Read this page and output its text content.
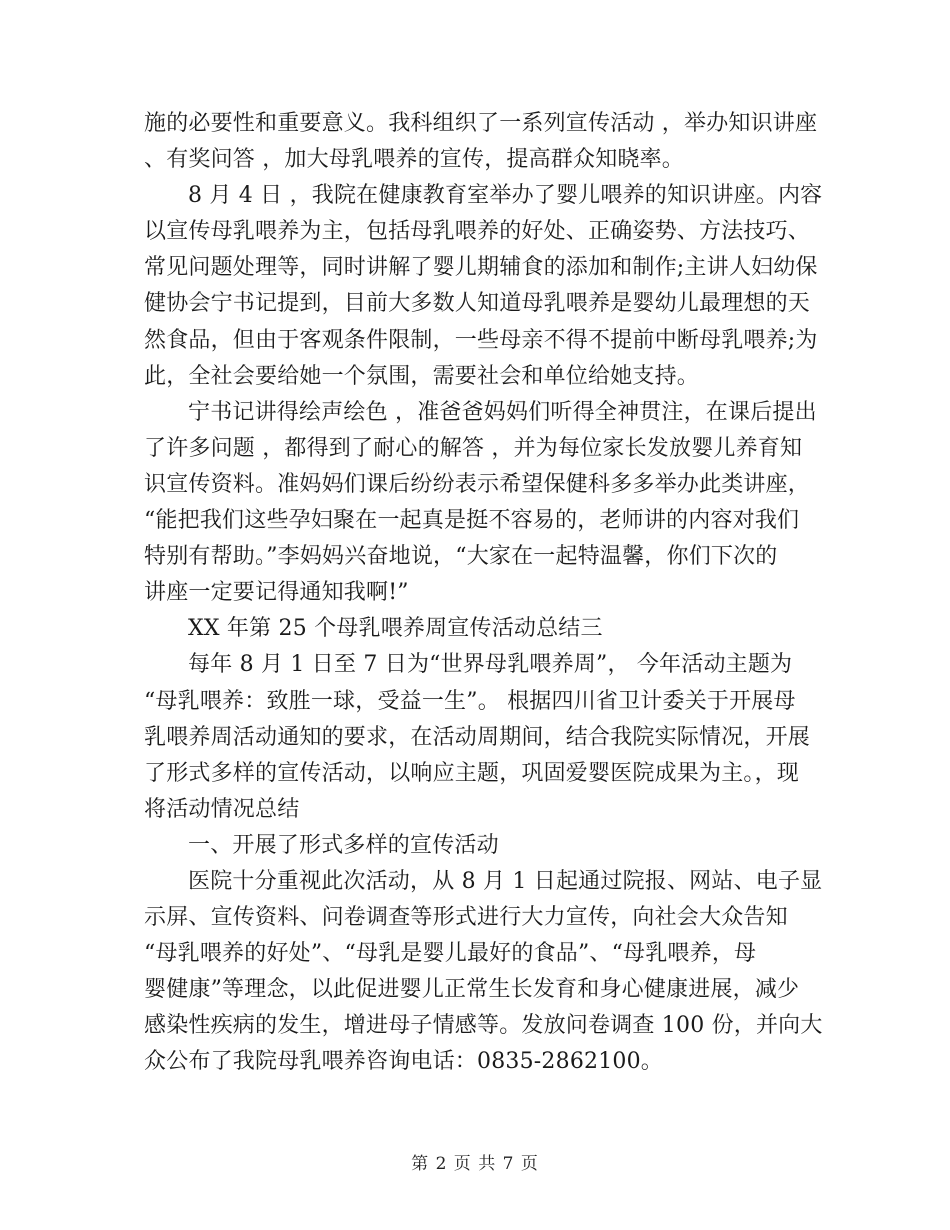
施的必要性和重要意义。我科组织了一系列宣传活动 ，举办知识讲座
、有奖问答 ，加大母乳喂养的宣传，提高群众知晓率。
8 月 4 日 ，我院在健康教育室举办了婴儿喂养的知识讲座。内容
以宣传母乳喂养为主，包括母乳喂养的好处、正确姿势、方法技巧、
常见问题处理等，同时讲解了婴儿期辅食的添加和制作;主讲人妇幼保
健协会宁书记提到，目前大多数人知道母乳喂养是婴幼儿最理想的天
然食品，但由于客观条件限制，一些母亲不得不提前中断母乳喂养;为
此，全社会要给她一个氛围，需要社会和单位给她支持。
宁书记讲得绘声绘色 ，准爸爸妈妈们听得全神贯注，在课后提出
了许多问题 ，都得到了耐心的解答 ，并为每位家长发放婴儿养育知
识宣传资料。准妈妈们课后纷纷表示希望保健科多多举办此类讲座，
“能把我们这些孕妇聚在一起真是挺不容易的，老师讲的内容对我们
特别有帮助。”李妈妈兴奋地说，“大家在一起特温馨，你们下次的
讲座一定要记得通知我啊!”
XX 年第 25 个母乳喂养周宣传活动总结三
每年 8 月 1 日至 7 日为“世界母乳喂养周”， 今年活动主题为
“母乳喂养：致胜一球，受益一生”。 根据四川省卫计委关于开展母
乳喂养周活动通知的要求，在活动周期间，结合我院实际情况，开展
了形式多样的宣传活动，以响应主题，巩固爱婴医院成果为主。，现
将活动情况总结
一、开展了形式多样的宣传活动
医院十分重视此次活动，从 8 月 1 日起通过院报、网站、电子显
示屏、宣传资料、问卷调查等形式进行大力宣传，向社会大众告知
“母乳喂养的好处”、“母乳是婴儿最好的食品”、“母乳喂养，母
婴健康”等理念，以此促进婴儿正常生长发育和身心健康进展，减少
感染性疾病的发生，增进母子情感等。发放问卷调查 100 份，并向大
众公布了我院母乳喂养咨询电话：0835-2862100。
第 2 页 共 7 页
